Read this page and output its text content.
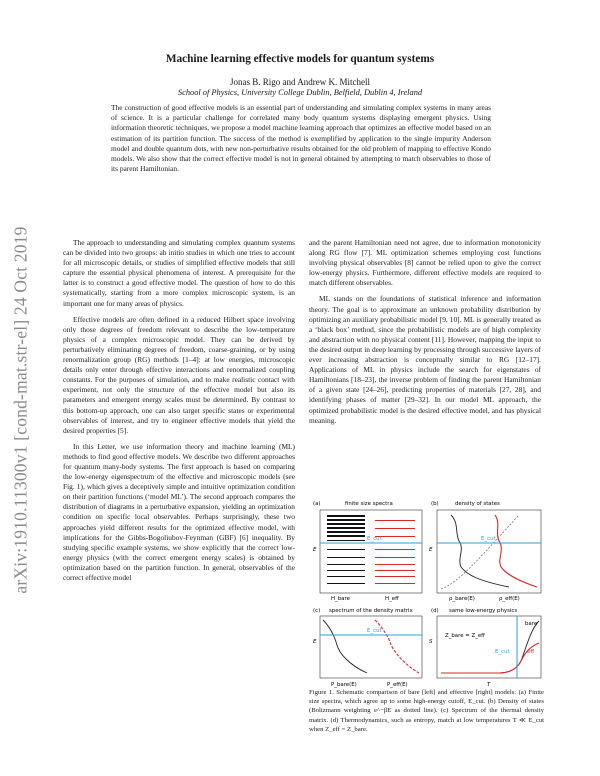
arXiv:1910.11300v1 [cond-mat.str-el] 24 Oct 2019
Machine learning effective models for quantum systems
Jonas B. Rigo and Andrew K. Mitchell
School of Physics, University College Dublin, Belfield, Dublin 4, Ireland
The construction of good effective models is an essential part of understanding and simulating complex systems in many areas of science. It is a particular challenge for correlated many body quantum systems displaying emergent physics. Using information theoretic techniques, we propose a model machine learning approach that optimizes an effective model based on an estimation of its partition function. The success of the method is exemplified by application to the single impurity Anderson model and double quantum dots, with new non-perturbative results obtained for the old problem of mapping to effective Kondo models. We also show that the correct effective model is not in general obtained by attempting to match observables to those of its parent Hamiltonian.

The approach to understanding and simulating complex quantum systems can be divided into two groups: ab initio studies in which one tries to account for all microscopic details, or studies of simplified effective models that still capture the essential physical phenomena of interest. A prerequisite for the latter is to construct a good effective model. The question of how to do this systematically, starting from a more complex microscopic system, is an important one for many areas of physics.

Effective models are often defined in a reduced Hilbert space involving only those degrees of freedom relevant to describe the low-temperature physics of a complex microscopic model. They can be derived by perturbatively eliminating degrees of freedom, coarse-graining, or by using renormalization group (RG) methods [1–4]: at low energies, microscopic details only enter through effective interactions and renormalized coupling constants. For the purposes of simulation, and to make realistic contact with experiment, not only the structure of the effective model but also its parameters and emergent energy scales must be determined. By contrast to this bottom-up approach, one can also target specific states or experimental observables of interest, and try to engineer effective models that yield the desired properties [5].

In this Letter, we use information theory and machine learning (ML) methods to find good effective models. We describe two different approaches for quantum many-body systems. The first approach is based on comparing the low-energy eigenspectrum of the effective and microscopic models (see Fig. 1), which gives a deceptively simple and intuitive optimization condition on their partition functions (‘model ML’). The second approach compares the distribution of diagrams in a perturbative expansion, yielding an optimization condition on specific local observables. Perhaps surprisingly, these two approaches yield different results for the optimized effective model, with implications for the Gibbs-Bogoliubov-Feynman (GBF) [6] inequality. By studying specific example systems, we show explicitly that the correct low-energy physics (with the correct emergent energy scales) is obtained by optimization based on the partition function. In general, observables of the correct effective model

and the parent Hamiltonian need not agree, due to information monotonicity along RG flow [7]. ML optimization schemes employing cost functions involving physical observables [8] cannot be relied upon to give the correct low-energy physics. Furthermore, different effective models are required to match different observables.

ML stands on the foundations of statistical inference and information theory. The goal is to approximate an unknown probability distribution by optimizing an auxiliary probabilistic model [9, 10]. ML is generally treated as a ‘black box’ method, since the probabilistic models are of high complexity and abstraction with no physical content [11]. However, mapping the input to the desired output in deep learning by processing through successive layers of ever increasing abstraction is conceptually similar to RG [12–17]. Applications of ML in physics include the search for eigenstates of Hamiltonians [18–23], the inverse problem of finding the parent Hamiltonian of a given state [24–26], predicting properties of materials [27, 28], and identifying phases of matter [29–32]. In our model ML approach, the optimized probabilistic model is the desired effective model, and has physical meaning.

(a)	finite size spectra
E
E_cut
H_bare	H_eff
(b)	density of states
E
E_cut
ρ_bare(E)	ρ_eff(E)
(c) spectrum of the density matrix
E
E_cut
P_bare(E)	P_eff(E)
(d) same low-energy physics
S
E_cut
Z_bare = Z_eff
bare
eff
T
Figure 1. Schematic comparison of bare [left] and effective [right] models: (a) Finite size spectra, which agree up to some high-energy cutoff, E_cut. (b) Density of states (Boltzmann weighting e^−βE as dotted line). (c) Spectrum of the thermal density matrix. (d) Thermodynamics, such as entropy, match at low temperatures T ≪ E_cut when Z_eff = Z_bare.
